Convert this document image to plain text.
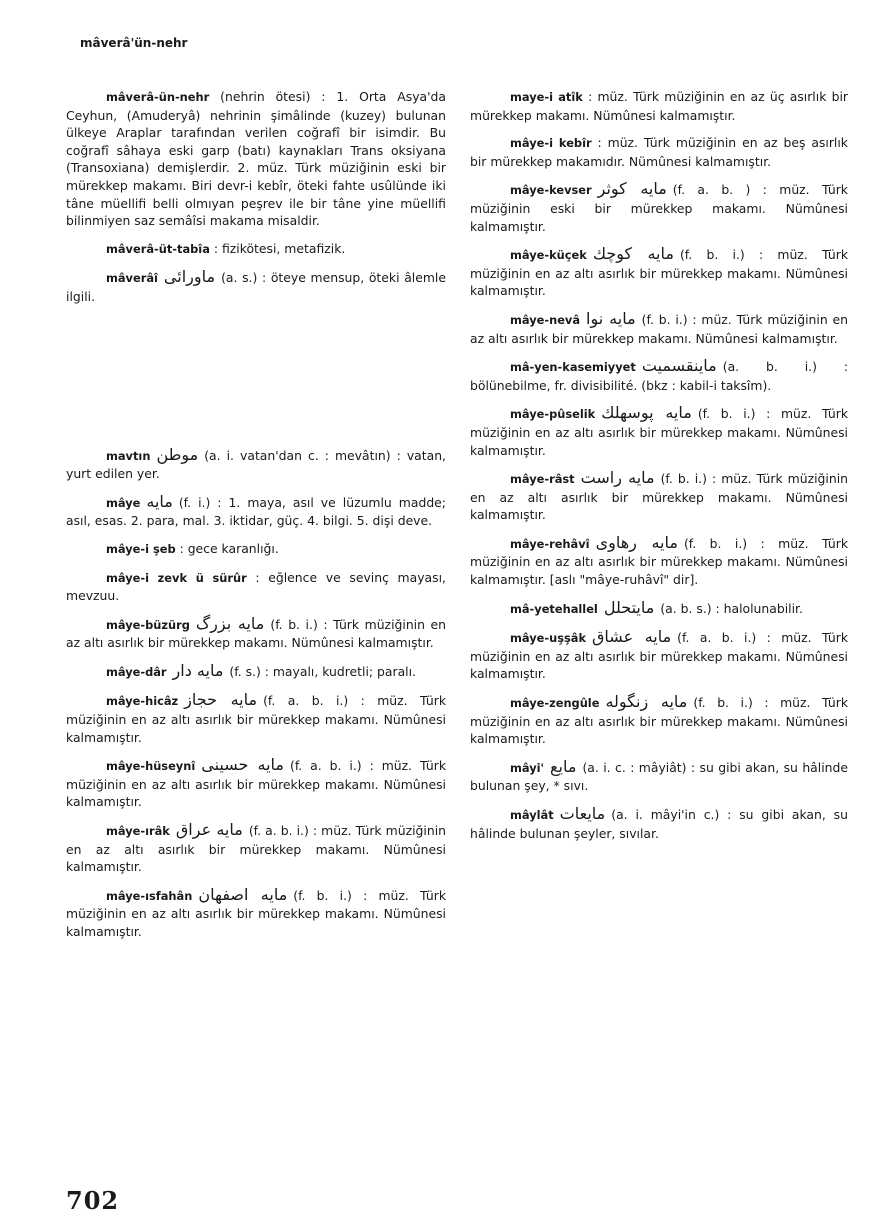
mâverâ'ün-nehr
mâverâ-ün-nehr (nehrin ötesi) : 1. Orta Asya'da Ceyhun, (Amuderyâ) nehrinin şimâlinde (kuzey) bulunan ülkeye Araplar tarafından verilen coğrafî bir isimdir. Bu coğrafî sâhaya eski garp (batı) kaynakları Trans oksiyana (Transoxiana) demişlerdir. 2. müz. Türk müziğinin eski bir mürekkep makamı. Biri devr-i kebîr, öteki fahte usûlünde iki tâne müellifi belli olmıyan peşrev ile bir tâne yine müellifi bilinmiyen saz semâîsi makama misaldir.
mâverâ-üt-tabîa : fizikötesi, metafizik.
mâverâî ماورائى (a. s.) : öteye mensup, öteki âlemle ilgili.
mavtın موطن (a. i. vatan'dan c. : mevâtın) : vatan, yurt edilen yer.
mâye مايه (f. i.) : 1. maya, asıl ve lüzumlu madde; asıl, esas. 2. para, mal. 3. iktidar, güç. 4. bilgi. 5. dişi deve.
mâye-i şeb : gece karanlığı.
mâye-i zevk ü sürûr : eğlence ve sevinç mayası, mevzuu.
mâye-büzürg مايه بزرگ (f. b. i.) : Türk müziğinin en az altı asırlık bir mürekkep makamı. Nümûnesi kalmamıştır.
mâye-dâr مايه دار (f. s.) : mayalı, kudretli; paralı.
mâye-hicâz مايه حجاز (f. a. b. i.) : müz. Türk müziğinin en az altı asırlık bir mürekkep makamı. Nümûnesi kalmamıştır.
mâye-hüseynî مايه حسينى (f. a. b. i.) : müz. Türk müziğinin en az altı asırlık bir mürekkep makamı. Nümûnesi kalmamıştır.
mâye-ırâk مايه عراق (f. a. b. i.) : müz. Türk müziğinin en az altı asırlık bir mürekkep makamı. Nümûnesi kalmamıştır.
mâye-ısfahân مايه اصفهان (f. b. i.) : müz. Türk müziğinin en az altı asırlık bir mürekkep makamı. Nümûnesi kalmamıştır.
maye-i atîk : müz. Türk müziğinin en az üç asırlık bir mürekkep makamı. Nümûnesi kalmamıştır.
mâye-i kebîr : müz. Türk müziğinin en az beş asırlık bir mürekkep makamıdır. Nümûnesi kalmamıştır.
mâye-kevser مايه كوثر (f. a. b. ) : müz. Türk müziğinin eski bir mürekkep makamı. Nümûnesi kalmamıştır.
mâye-küçek مايه كوچك (f. b. i.) : müz. Türk müziğinin en az altı asırlık bir mürekkep makamı. Nümûnesi kalmamıştır.
mâye-nevâ مايه نوا (f. b. i.) : müz. Türk müziğinin en az altı asırlık bir mürekkep makamı. Nümûnesi kalmamıştır.
mâ-yen-kasemiyyet ماينقسميت (a. b. i.) : bölünebilme, fr. divisibilité. (bkz : kabil-i taksîm).
mâye-pûselik مايه پوسهلك (f. b. i.) : müz. Türk müziğinin en az altı asırlık bir mürekkep makamı. Nümûnesi kalmamıştır.
mâye-râst مايه راست (f. b. i.) : müz. Türk müziğinin en az altı asırlık bir mürekkep makamı. Nümûnesi kalmamıştır.
mâye-rehâvî مايه رهاوى (f. b. i.) : müz. Türk müziğinin en az altı asırlık bir mürekkep makamı. Nümûnesi kalmamıştır. [aslı "mâye-ruhâvî" dir].
mâ-yetehallel مايتحلل (a. b. s.) : halolunabilir.
mâye-uşşâk مايه عشاق (f. a. b. i.) : müz. Türk müziğinin en az altı asırlık bir mürekkep makamı. Nümûnesi kalmamıştır.
mâye-zengûle مايه زنگوله (f. b. i.) : müz. Türk müziğinin en az altı asırlık bir mürekkep makamı. Nümûnesi kalmamıştır.
mâyi' مايع (a. i. c. : mâyiât) : su gibi akan, su hâlinde bulunan şey, * sıvı.
mâylât مايعات (a. i. mâyi'in c.) : su gibi akan, su hâlinde bulunan şeyler, sıvılar.
702
